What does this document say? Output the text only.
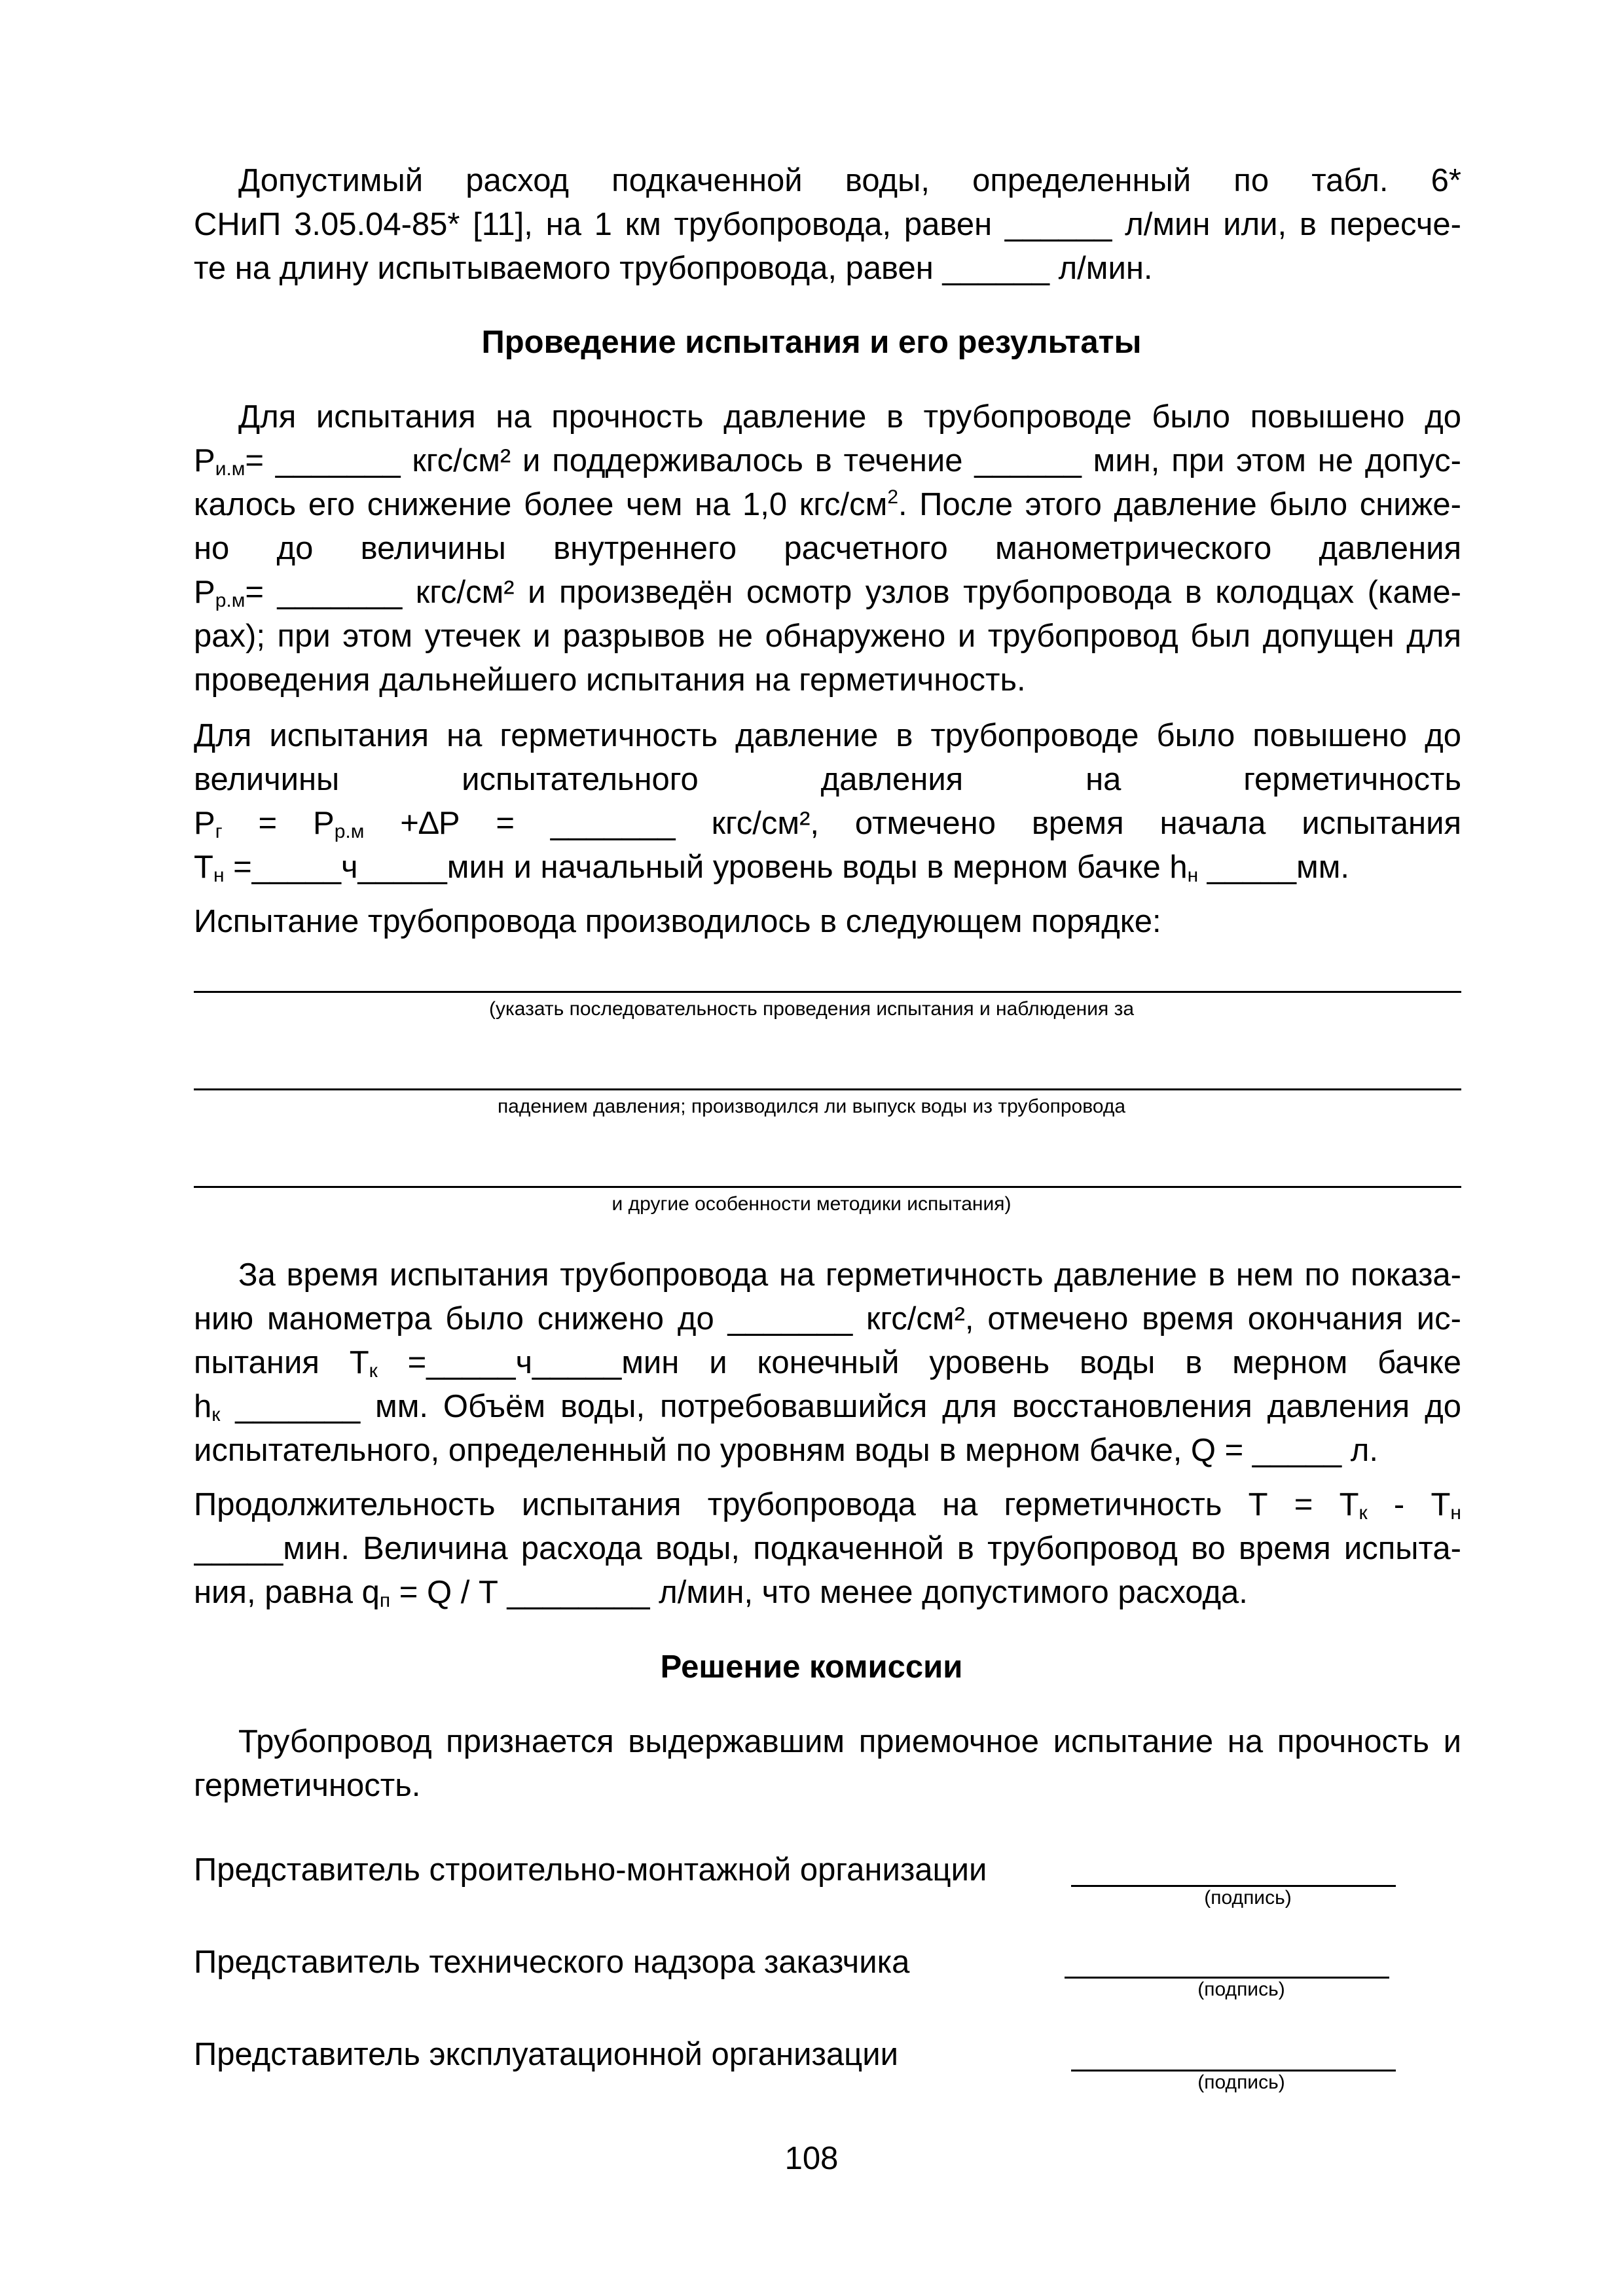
Допустимый расход подкаченной воды, определенный по табл. 6*
СНиП 3.05.04-85* [11], на 1 км трубопровода, равен ______ л/мин или, в пересче-
те на длину испытываемого трубопровода, равен ______ л/мин.
Проведение испытания и его результаты
Для испытания на прочность давление в трубопроводе было повышено до
$Р_{и.м}=$ _______ кгс/см² и поддерживалось в течение ______ мин, при этом не допус-
калось его снижение более чем на 1,0 кгс/$см^2$. После этого давление было сниже-
но до величины внутреннего расчетного манометрического давления
$Р_{р.м}=$ _______ кгс/см² и произведён осмотр узлов трубопровода в колодцах (каме-
рах); при этом утечек и разрывов не обнаружено и трубопровод был допущен для
проведения дальнейшего испытания на герметичность.
Для испытания на герметичность давление в трубопроводе было повышено до
величины испытательного давления на герметичность
$Р_г = Р_{р.м} +\Delta Р$ = _______ кгс/см², отмечено время начала испытания
$Т_н$ =_____ч_____мин и начальный уровень воды в мерном бачке $h_н$ _____мм.
Испытание трубопровода производилось в следующем порядке:
(указать последовательность проведения испытания и наблюдения за
падением давления; производился ли выпуск воды из трубопровода
и другие особенности методики испытания)
За время испытания трубопровода на герметичность давление в нем по показа-
нию манометра было снижено до _______ кгс/см², отмечено время окончания ис-
пытания $Т_к$ =_____ч_____мин и конечный уровень воды в мерном бачке
$h_к$ _______ мм. Объём воды, потребовавшийся для восстановления давления до
испытательного, определенный по уровням воды в мерном бачке, Q = _____ л.
Продолжительность испытания трубопровода на герметичность $Т = Т_к - Т_н$
_____мин. Величина расхода воды, подкаченной в трубопровод во время испыта-
ния, равна $q_п = Q / Т$ ________ л/мин, что менее допустимого расхода.
Решение комиссии
Трубопровод признается выдержавшим приемочное испытание на прочность и
герметичность.
Представитель строительно-монтажной организации
(подпись)
Представитель технического надзора заказчика
(подпись)
Представитель эксплуатационной организации
(подпись)
108
